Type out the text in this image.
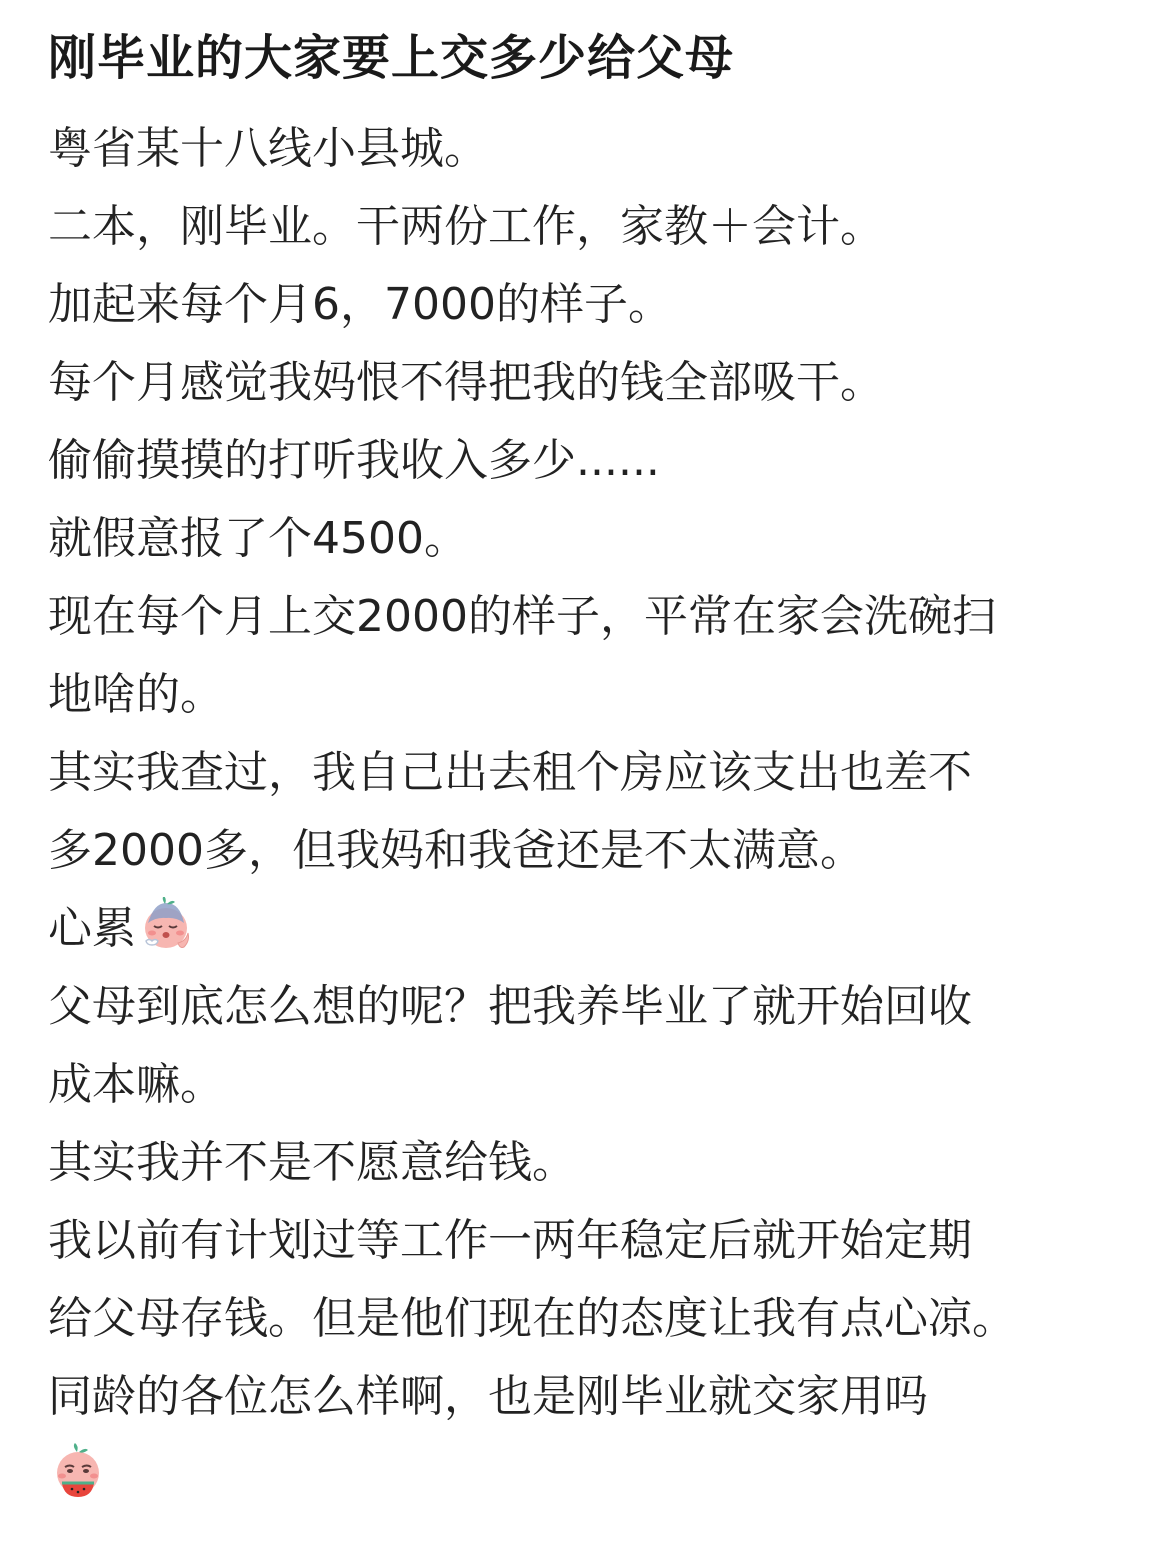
刚毕业的大家要上交多少给父母
粤省某十八线小县城。
二本，刚毕业。干两份工作，家教＋会计。
加起来每个月6，7000的样子。
每个月感觉我妈恨不得把我的钱全部吸干。
偷偷摸摸的打听我收入多少......
就假意报了个4500。
现在每个月上交2000的样子，平常在家会洗碗扫
地啥的。
其实我查过，我自己出去租个房应该支出也差不
多2000多，但我妈和我爸还是不太满意。
心累
父母到底怎么想的呢？把我养毕业了就开始回收
成本嘛。
其实我并不是不愿意给钱。
我以前有计划过等工作一两年稳定后就开始定期
给父母存钱。但是他们现在的态度让我有点心凉。
同龄的各位怎么样啊，也是刚毕业就交家用吗
